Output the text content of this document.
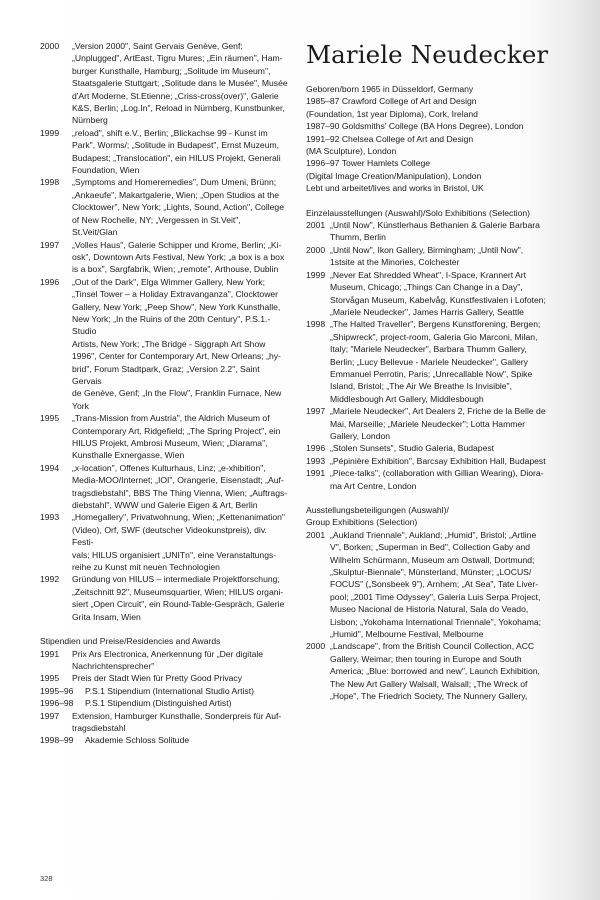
2000	„Version 2000", Saint Gervais Genève, Genf;
„Unplugged", ArtEast, Tigru Mures; „Ein räumen", Ham-
burger Kunsthalle, Hamburg; „Solitude im Museum",
Staatsgalerie Stuttgart; „Solitude dans le Musée", Musée
d'Art Moderne, St.Etienne; „Criss-cross(over)", Galerie
K&S, Berlin; „Log.In", Reload in Nürnberg, Kunstbunker,
Nürnberg
1999	„reload", shift e.V., Berlin; „Blickachse 99 - Kunst im
Park", Worms/; „Solitude in Budapest", Ernst Muzeum,
Budapest; „Translocation", ein HILUS Projekt, Generali
Foundation, Wien
1998	„Symptoms and Homeremedies", Dum Umeni, Brünn;
„Ankaeufe", Makartgalerie, Wien; „Open Studios at the
Clocktower", New York; „Lights, Sound, Action", College
of New Rochelle, NY; „Vergessen in St.Veit", St.Veit/Glan
1997	„Volles Haus", Galerie Schipper und Krome, Berlin; „Ki-
osk", Downtown Arts Festival, New York; „a box is a box
is a box", Sargfabrik, Wien; „remote", Arthouse, Dublin
1996	„Out of the Dark", Elga Wimmer Gallery, New York;
„Tinsel Tower – a Holiday Extravanganza", Clocktower
Gallery, New York; „Peep Show", New York Kunsthalle,
New York; „In the Ruins of the 20th Century", P.S.1.-Studio
Artists, New York; „The Bridge - Siggraph Art Show
1996", Center for Contemporary Art, New Orleans; „hy-
brid", Forum Stadtpark, Graz; „Version 2.2", Saint Gervais
de Genève, Genf; „In the Flow", Franklin Furnace, New
York
1995	„Trans-Mission from Austria", the Aldrich Museum of
Contemporary Art, Ridgefield; „The Spring Project", ein
HILUS Projekt, Ambrosi Museum, Wien; „Diarama",
Kunsthalle Exnergasse, Wien
1994	„x-location", Offenes Kulturhaus, Linz; „e-xhibition",
Media-MOO/Internet; „IOI", Orangerie, Eisenstadt; „Auf-
tragsdiebstahl", BBS The Thing Vienna, Wien; „Auftrags-
diebstahl", WWW und Galerie Eigen & Art, Berlin
1993	„Homegallery", Privatwohnung, Wien; „Kettenanimation"
(Video), Orf, SWF (deutscher Videokunstpreis), div. Festi-
vals; HILUS organisiert „UNITn", eine Veranstaltungs-
reihe zu Kunst mit neuen Technologien
1992	Gründung von HILUS – intermediale Projektforschung;
„Zeitschnitt 92", Museumsquartier, Wien; HILUS organi-
siert „Open Circuit", ein Round-Table-Gespräch, Galerie
Grita Insam, Wien
Stipendien und Preise/Residencies and Awards
1991	Prix Ars Electronica, Anerkennung für „Der digitale
Nachrichtensprecher"
1995	Preis der Stadt Wien für Pretty Good Privacy
1995–96	P.S.1 Stipendium (International Studio Artist)
1996–98	P.S.1 Stipendium (Distinguished Artist)
1997	Extension, Hamburger Kunsthalle, Sonderpreis für Auf-
tragsdiebstahl
1998–99	Akademie Schloss Solitude
Mariele Neudecker
Geboren/born 1965 in Düsseldorf, Germany
1985–87 Crawford College of Art and Design
(Foundation, 1st year Diploma), Cork, Ireland
1987–90 Goldsmiths' College (BA Hons Degree), London
1991–92 Chelsea College of Art and Design
(MA Sculpture), London
1996–97 Tower Hamlets College
(Digital Image Creation/Manipulation), London
Lebt und arbeitet/lives and works in Bristol, UK
Einzelausstellungen (Auswahl)/Solo Exhibitions (Selection)
2001 „Until Now", Künstlerhaus Bethanien & Galerie Barbara
Thumm, Berlin
2000 „Until Now", Ikon Gallery, Birmingham; „Until Now",
1stsite at the Minories, Colchester
1999 „Never Eat Shredded Wheat", I-Space, Krannert Art
Museum, Chicago; „Things Can Change in a Day",
Storvågan Museum, Kabelvåg, Kunstfestivalen i Lofoten;
„Mariele Neudecker", James Harris Gallery, Seattle
1998 „The Halted Traveller", Bergens Kunstforening, Bergen;
„Shipwreck", project-room, Galeria Gio Marconi, Milan,
Italy; "Mariele Neudecker", Barbara Thumm Gallery,
Berlin; „Lucy Bellevue - Mariele Neudecker", Gallery
Emmanuel Perrotin, Paris; „Unrecallable Now", Spike
Island, Bristol; „The Air We Breathe Is Invisible",
Middlesbough Art Gallery, Middlesbough
1997 „Mariele Neudecker", Art Dealers 2, Friche de la Belle de
Mai, Marseille; „Mariele Neudecker"; Lotta Hammer
Gallery, London
1996 „Stolen Sunsets", Studio Galeria, Budapest
1993 „Pépinière Exhibition", Barcsay Exhibition Hall, Budapest
1991 „Piece-talks", (collaboration with Gillian Wearing), Diora-
ma Art Centre, London
Ausstellungsbeteiligungen (Auswahl)/
Group Exhibitions (Selection)
2001 „Aukland Triennale", Aukland; „Humid", Bristol; „Artline
V", Borken; „Superman in Bed", Collection Gaby and
Wilhelm Schürmann, Museum am Ostwall, Dortmund;
„Skulptur-Biennale", Münsterland, Münster; „LOCUS/
FOCUS" („Sonsbeek 9"), Arnhem; „At Sea", Tate Liver-
pool; „2001 Time Odyssey", Galeria Luis Serpa Project,
Museo Nacional de Historia Natural, Sala do Veado,
Lisbon; „Yokohama International Triennale", Yokohama;
„Humid", Melbourne Festival, Melbourne
2000 „Landscape", from the British Council Collection, ACC
Gallery, Weimar; then touring in Europe and South
America; „Blue: borrowed and new", Launch Exhibition,
The New Art Gallery Walsall, Walsall; „The Wreck of
„Hope", The Friedrich Society, The Nunnery Gallery,
328
